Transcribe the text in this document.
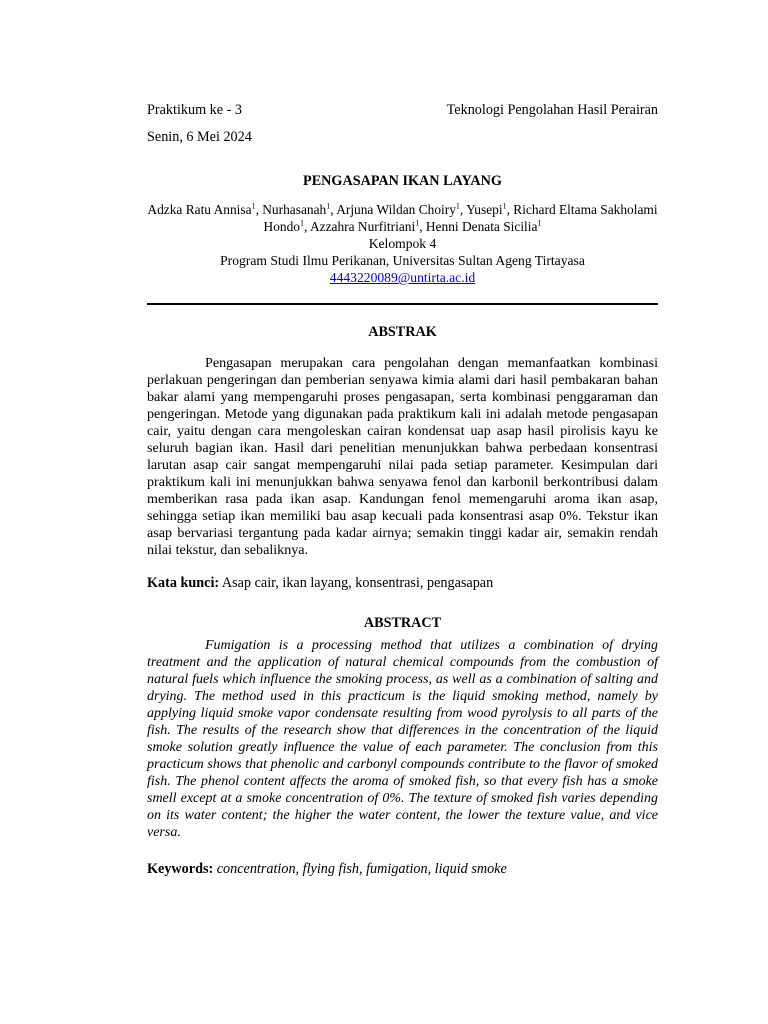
Praktikum ke - 3	Teknologi Pengolahan Hasil Perairan
Senin, 6 Mei 2024
PENGASAPAN IKAN LAYANG
Adzka Ratu Annisa$^1$, Nurhasanah$^1$, Arjuna Wildan Choiry$^1$, Yusepi$^1$, Richard Eltama Sakholami Hondo$^1$, Azzahra Nurfitriani$^1$, Henni Denata Sicilia$^1$
Kelompok 4
Program Studi Ilmu Perikanan, Universitas Sultan Ageng Tirtayasa
4443220089@untirta.ac.id
ABSTRAK
Pengasapan merupakan cara pengolahan dengan memanfaatkan kombinasi perlakuan pengeringan dan pemberian senyawa kimia alami dari hasil pembakaran bahan bakar alami yang mempengaruhi proses pengasapan, serta kombinasi penggaraman dan pengeringan. Metode yang digunakan pada praktikum kali ini adalah metode pengasapan cair, yaitu dengan cara mengoleskan cairan kondensat uap asap hasil pirolisis kayu ke seluruh bagian ikan. Hasil dari penelitian menunjukkan bahwa perbedaan konsentrasi larutan asap cair sangat mempengaruhi nilai pada setiap parameter. Kesimpulan dari praktikum kali ini menunjukkan bahwa senyawa fenol dan karbonil berkontribusi dalam memberikan rasa pada ikan asap. Kandungan fenol memengaruhi aroma ikan asap, sehingga setiap ikan memiliki bau asap kecuali pada konsentrasi asap 0%. Tekstur ikan asap bervariasi tergantung pada kadar airnya; semakin tinggi kadar air, semakin rendah nilai tekstur, dan sebaliknya.
Kata kunci: Asap cair, ikan layang, konsentrasi, pengasapan
ABSTRACT
Fumigation is a processing method that utilizes a combination of drying treatment and the application of natural chemical compounds from the combustion of natural fuels which influence the smoking process, as well as a combination of salting and drying. The method used in this practicum is the liquid smoking method, namely by applying liquid smoke vapor condensate resulting from wood pyrolysis to all parts of the fish. The results of the research show that differences in the concentration of the liquid smoke solution greatly influence the value of each parameter. The conclusion from this practicum shows that phenolic and carbonyl compounds contribute to the flavor of smoked fish. The phenol content affects the aroma of smoked fish, so that every fish has a smoke smell except at a smoke concentration of 0%. The texture of smoked fish varies depending on its water content; the higher the water content, the lower the texture value, and vice versa.
Keywords: concentration, flying fish, fumigation, liquid smoke
